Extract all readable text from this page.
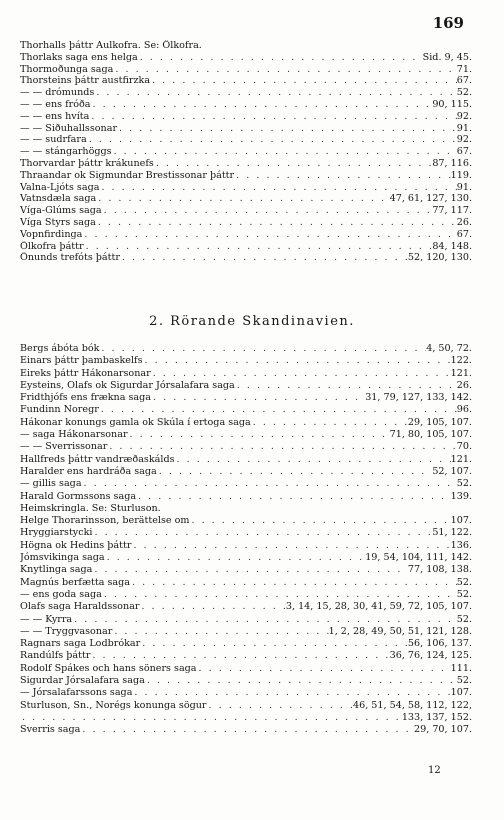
169
Thorhalls þáttr Aulkofra. Se: Ölkofra.
Thorlaks saga ens helga . . .	Sid. 9, 45.
Thormoðunga saga . . .	71.
Thorsteins þáttr austfirzka . . .	67.
— — drómunds . . .	52.
— — ens fróða . . .	90, 115.
— — ens hvíta . . .	92.
— — Siðuhallssonar . . .	91.
— — sudrfara . . .	92.
— — stángarhöggs . . .	67.
Thorvardar þáttr krákunefs . . .	87, 116.
Thraandar ok Sigmundar Brestissonar þáttr . . .	119.
Valna-Ljóts saga . . .	91.
Vatnsdæla saga . . .	47, 61, 127, 130.
Víga-Glúms saga . . .	77, 117.
Víga Styrs saga . . .	26.
Vopnfirdinga . . .	67.
Ölkofra þáttr . . .	84, 148.
Önunds trefóts þáttr . . .	52, 120, 130.
2. Rörande Skandinavien.
Bergs ábóta bók . . .	4, 50, 72.
Einars þáttr þambaskelfs . . .	122.
Eireks þáttr Hákonarsonar . . .	121.
Eysteins, Olafs ok Sigurdar Jórsalafara saga . . .	26.
Fridthjófs ens frækna saga . . .	31, 79, 127, 133, 142.
Fundinn Noregr . . .	96.
Hákonar konungs gamla ok Skúla í ertoga saga . . .	29, 105, 107.
— saga Hákonarsonar . . .	71, 80, 105, 107.
— — Sverrissonar . . .	70.
Hallfreds þáttr vandræðaskálds . . .	121.
Haralder ens hardráða saga . . .	52, 107.
— gillis saga . . .	52.
Harald Gormssons saga . . .	139.
Heimskringla. Se: Sturluson.
Helge Thorarinsson, berättelse om . . .	107.
Hryggiarstycki . . .	51, 122.
Högna ok Hedins þáttr . . .	136.
Jómsvikinga saga . . .	19, 54, 104, 111, 142.
Knytlinga saga . . .	77, 108, 138.
Magnús berfætta saga . . .	52.
— ens goda saga . . .	52.
Olafs saga Haraldssonar . . .	3, 14, 15, 28, 30, 41, 59, 72, 105, 107.
— — Kyrra . . .	52.
— — Tryggvasonar . . .	1, 2, 28, 49, 50, 51, 121, 128.
Ragnars saga Lodbrókar . . .	56, 106, 137.
Randúlfs þáttr . . .	36, 76, 124, 125.
Rodolf Spákes och hans söners saga . . .	111.
Sigurdar Jórsalafara saga . . .	52.
— Jórsalafarssons saga . . .	107.
Sturluson, Sn., Norégs konunga sögur . . .	46, 51, 54, 58, 112, 122,
. . .
133, 137, 152.
Sverris saga . . .	29, 70, 107.
12
